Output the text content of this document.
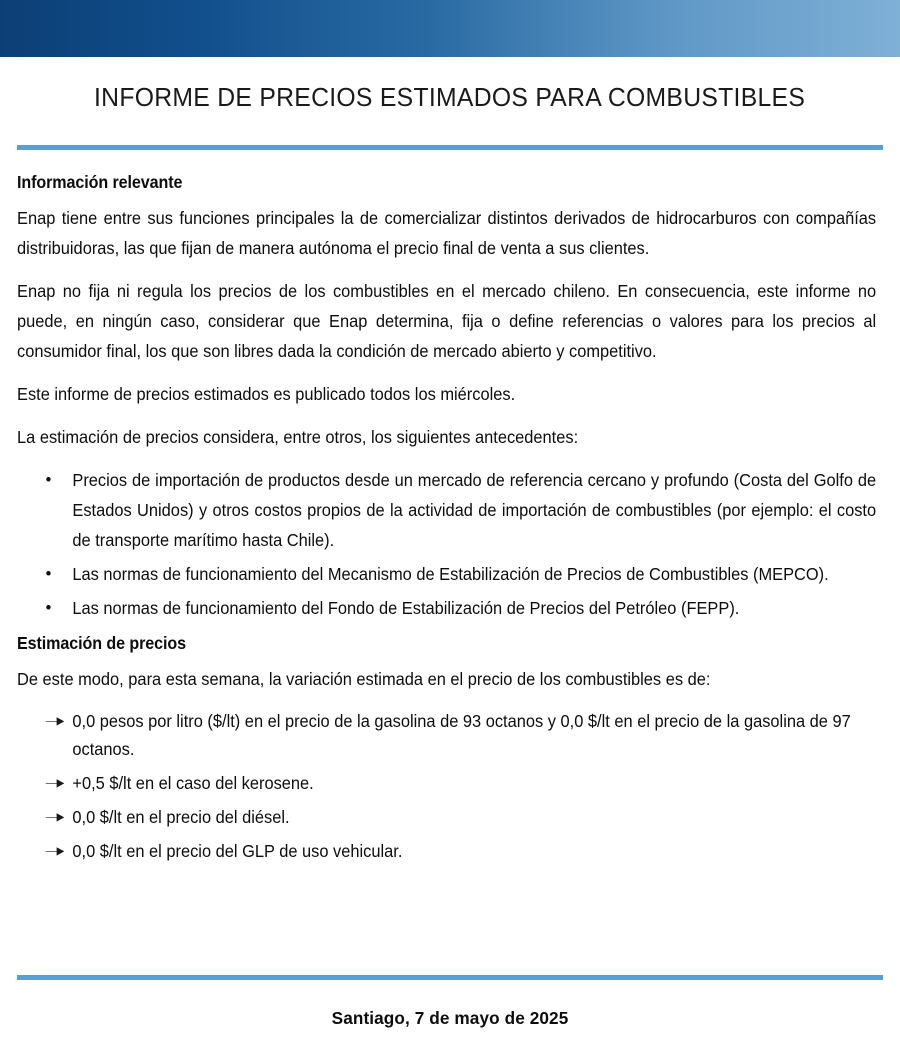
INFORME DE PRECIOS ESTIMADOS PARA COMBUSTIBLES
Información relevante

Enap tiene entre sus funciones principales la de comercializar distintos derivados de hidrocarburos con compañías distribuidoras, las que fijan de manera autónoma el precio final de venta a sus clientes.

Enap no fija ni regula los precios de los combustibles en el mercado chileno. En consecuencia, este informe no puede, en ningún caso, considerar que Enap determina, fija o define referencias o valores para los precios al consumidor final, los que son libres dada la condición de mercado abierto y competitivo.

Este informe de precios estimados es publicado todos los miércoles.

La estimación de precios considera, entre otros, los siguientes antecedentes:

• Precios de importación de productos desde un mercado de referencia cercano y profundo (Costa del Golfo de Estados Unidos) y otros costos propios de la actividad de importación de combustibles (por ejemplo: el costo de transporte marítimo hasta Chile).
• Las normas de funcionamiento del Mecanismo de Estabilización de Precios de Combustibles (MEPCO).
• Las normas de funcionamiento del Fondo de Estabilización de Precios del Petróleo (FEPP).
Estimación de precios

De este modo, para esta semana, la variación estimada en el precio de los combustibles es de:

0,0 pesos por litro ($/lt) en el precio de la gasolina de 93 octanos y 0,0 $/lt en el precio de la gasolina de 97 octanos.
+0,5 $/lt en el caso del kerosene.
0,0 $/lt en el precio del diésel.
0,0 $/lt en el precio del GLP de uso vehicular.
Santiago, 7 de mayo de 2025
